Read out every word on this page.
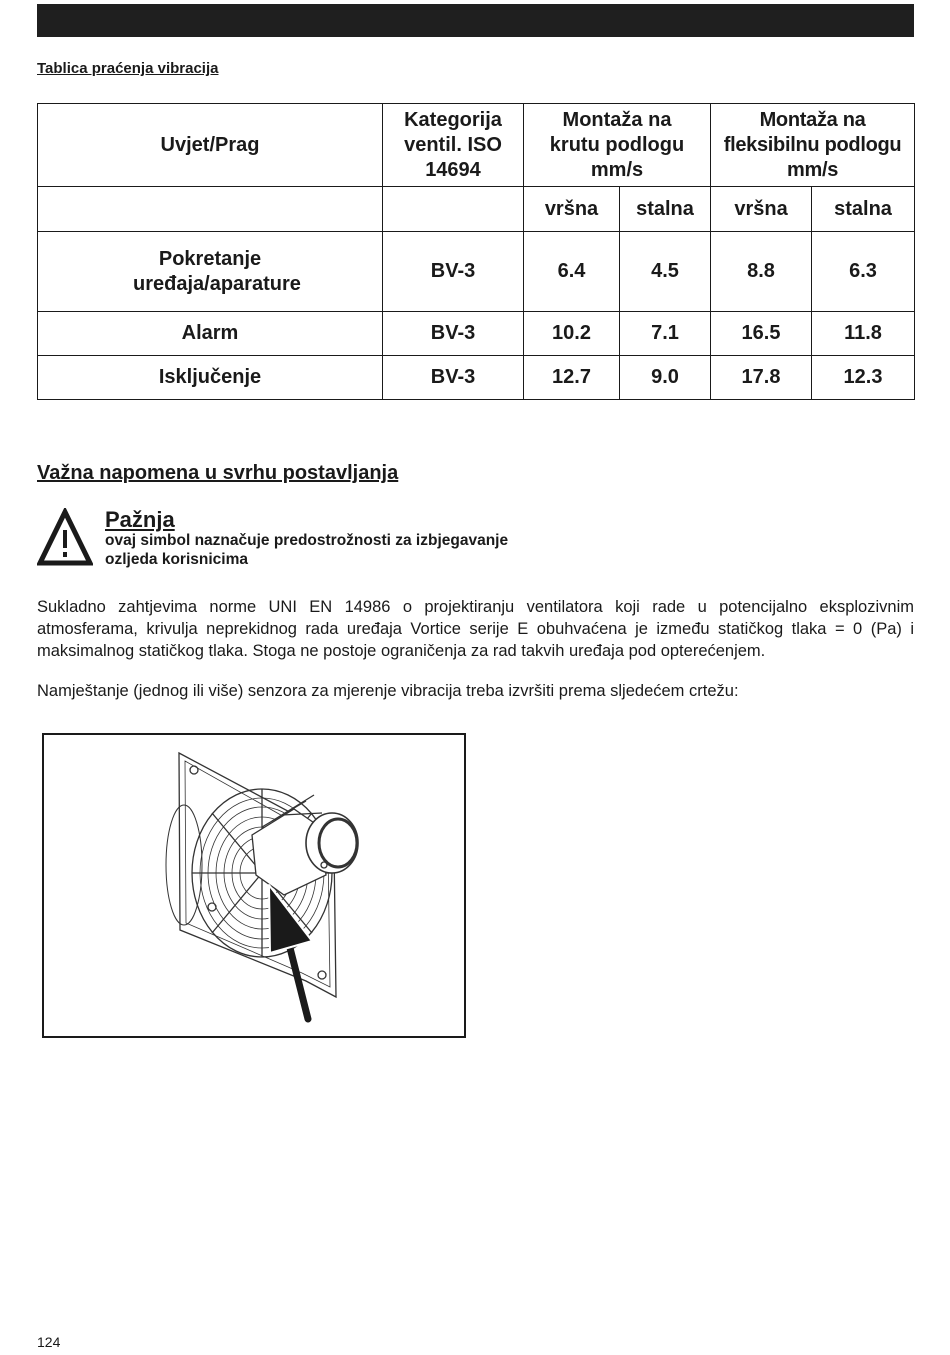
Tablica praćenja vibracija
Uvjet/Prag	Kategorija ventil. ISO 14694	Montaža na krutu podlogu mm/s		Montaža na fleksibilnu podlogu mm/s	
		vršna	stalna	vršna	stalna
Pokretanje uređaja/aparature	BV-3	6.4	4.5	8.8	6.3
Alarm	BV-3	10.2	7.1	16.5	11.8
Isključenje	BV-3	12.7	9.0	17.8	12.3
Važna napomena u svrhu postavljanja
Pažnja
ovaj simbol naznačuje predostrožnosti za izbjegavanje ozljeda korisnicima
Sukladno zahtjevima norme UNI EN 14986 o projektiranju ventilatora koji rade u potencijalno eksplozivnim atmosferama, krivulja neprekidnog rada uređaja Vortice serije E obuhvaćena je između statičkog tlaka = 0 (Pa) i maksimalnog statičkog tlaka. Stoga ne postoje ograničenja za rad takvih uređaja pod opterećenjem.
Namještanje (jednog ili više) senzora za mjerenje vibracija treba izvršiti prema sljedećem crtežu:
124
